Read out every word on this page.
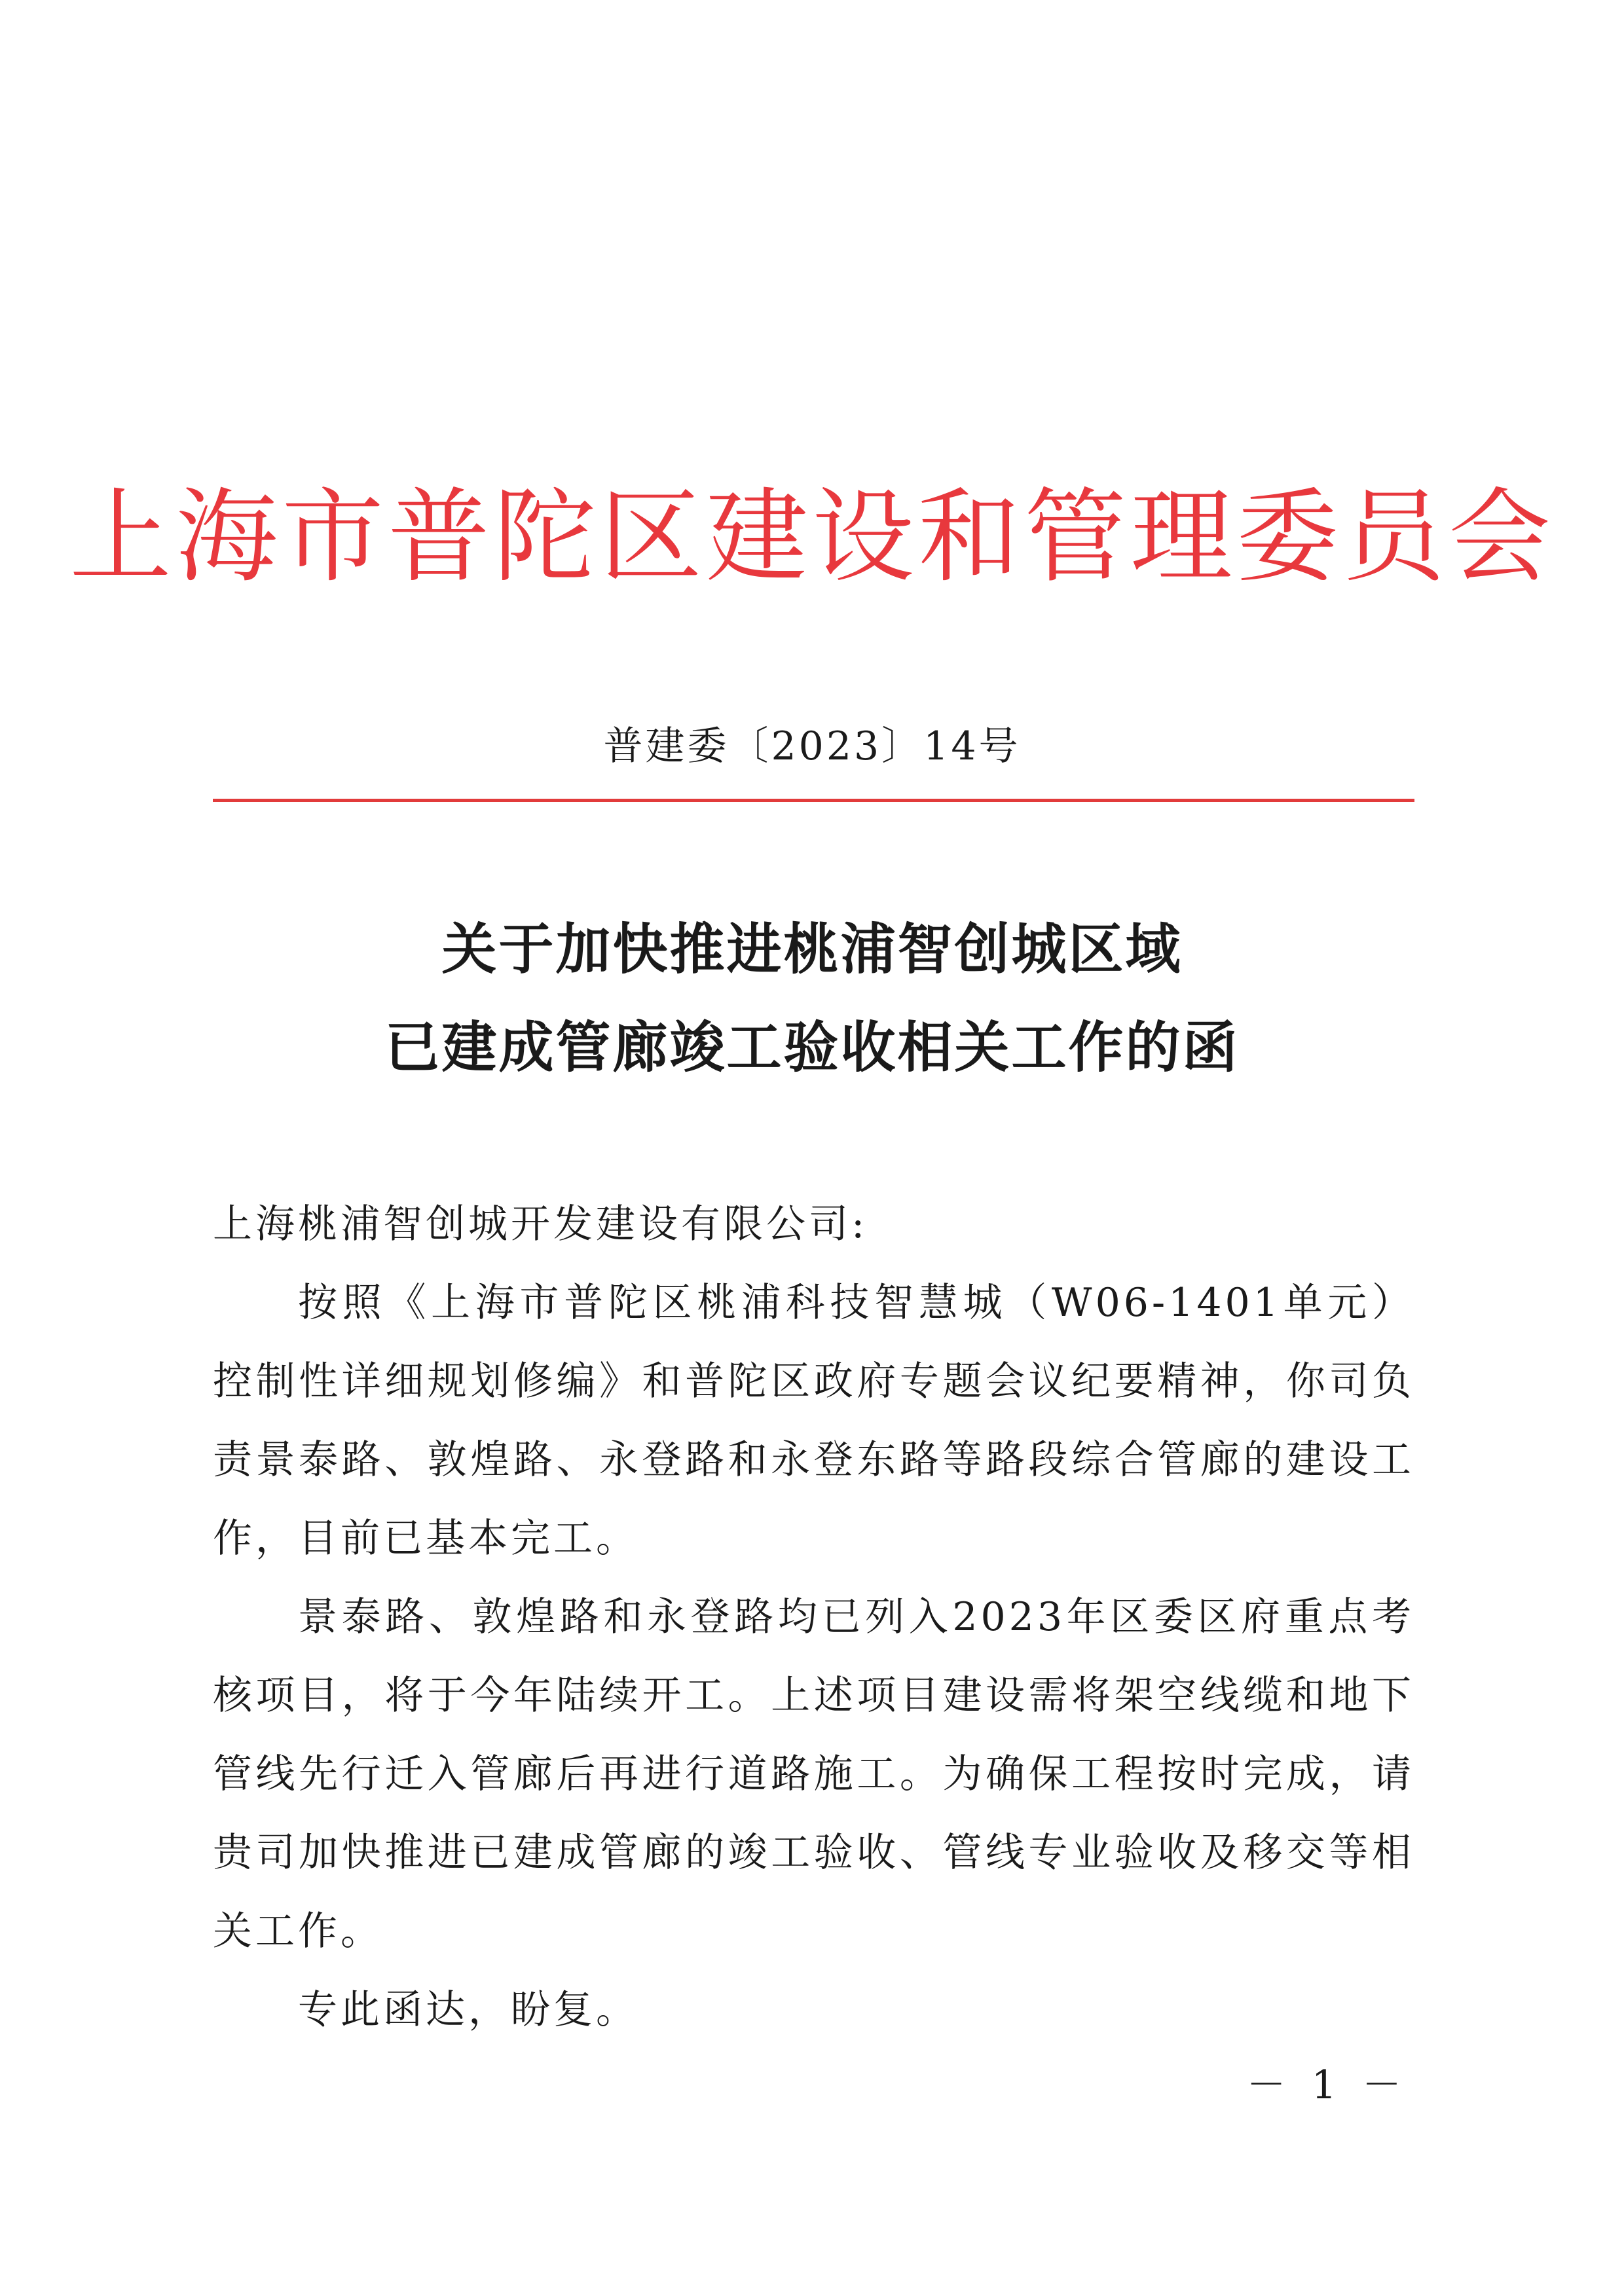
上海市普陀区建设和管理委员会
普建委〔2023〕14号
关于加快推进桃浦智创城区域
已建成管廊竣工验收相关工作的函
上海桃浦智创城开发建设有限公司:

按照《上海市普陀区桃浦科技智慧城（W06-1401单元）控制性详细规划修编》和普陀区政府专题会议纪要精神，你司负责景泰路、敦煌路、永登路和永登东路等路段综合管廊的建设工作，目前已基本完工。

景泰路、敦煌路和永登路均已列入2023年区委区府重点考核项目，将于今年陆续开工。上述项目建设需将架空线缆和地下管线先行迁入管廊后再进行道路施工。为确保工程按时完成，请贵司加快推进已建成管廊的竣工验收、管线专业验收及移交等相关工作。

专此函达，盼复。

－ 1 －
